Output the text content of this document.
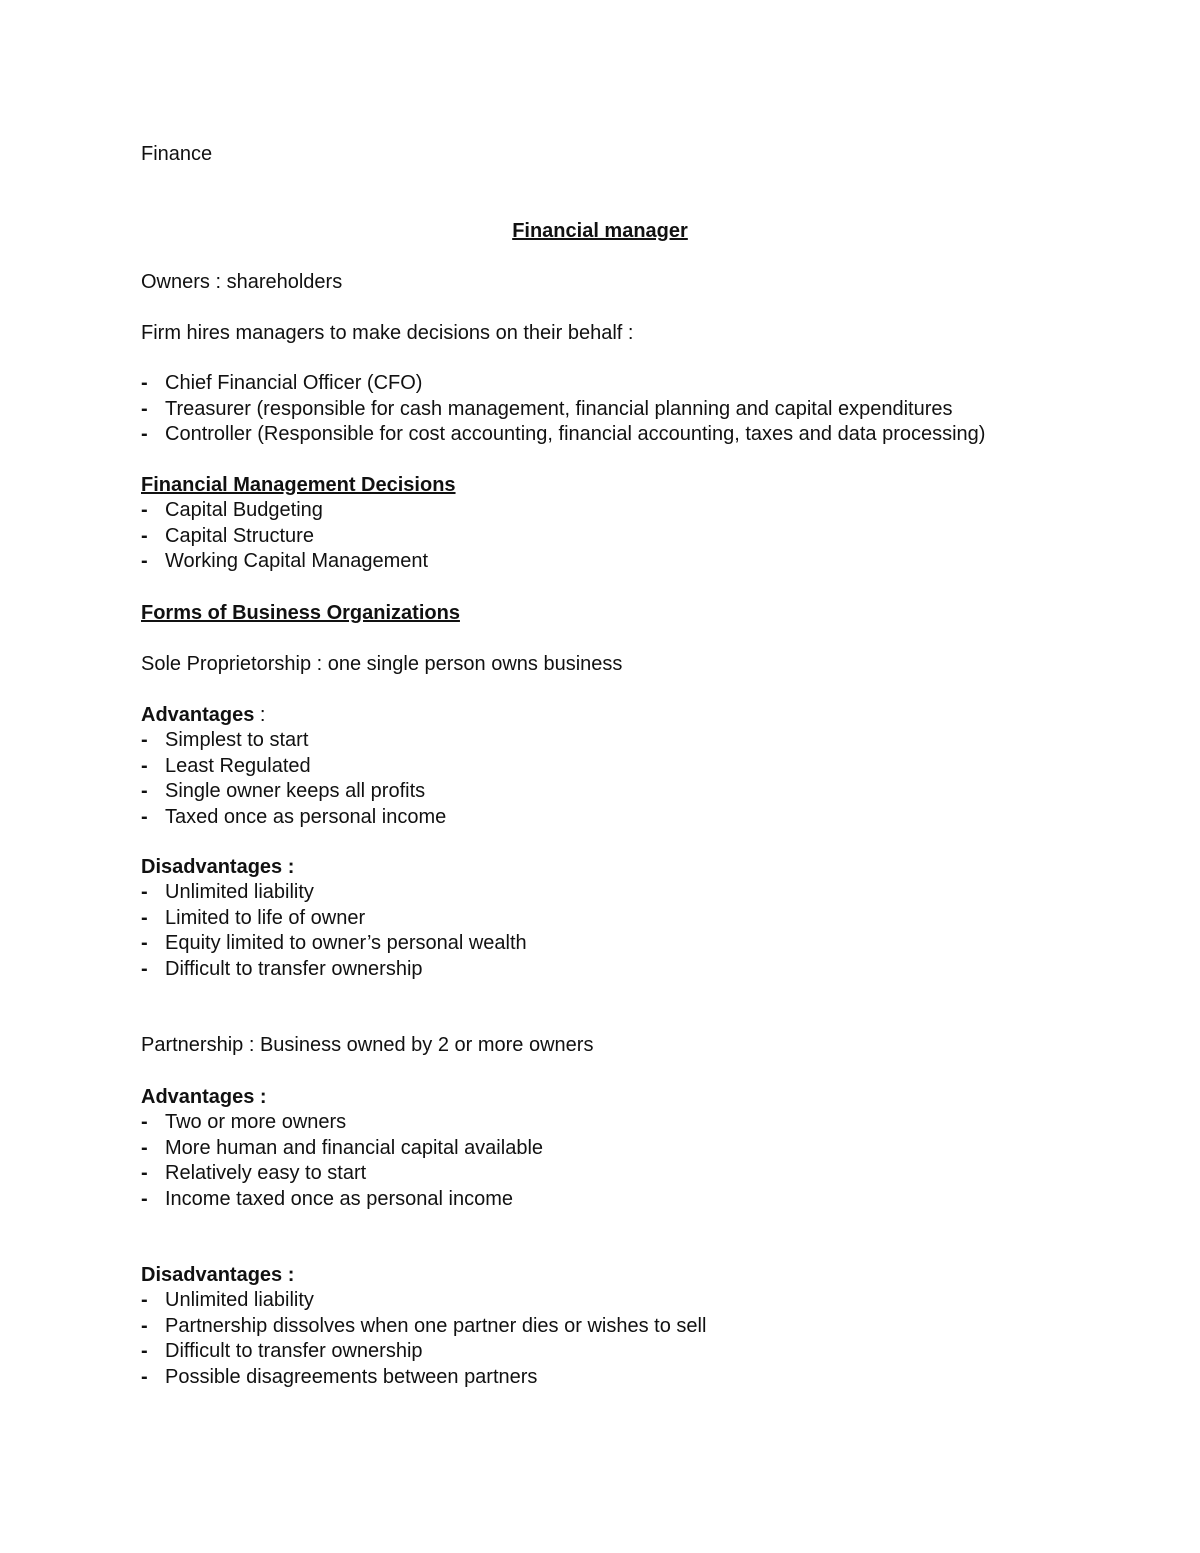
Finance
Financial manager
Owners : shareholders
Firm hires managers to make decisions on their behalf :
- Chief Financial Officer (CFO)
- Treasurer (responsible for cash management, financial planning and capital expenditures
- Controller (Responsible for cost accounting, financial accounting, taxes and data processing)
Financial Management Decisions
- Capital Budgeting
- Capital Structure
- Working Capital Management
Forms of Business Organizations
Sole Proprietorship : one single person owns business
Advantages :
- Simplest to start
- Least Regulated
- Single owner keeps all profits
- Taxed once as personal income
Disadvantages :
- Unlimited liability
- Limited to life of owner
- Equity limited to owner’s personal wealth
- Difficult to transfer ownership
Partnership : Business owned by 2 or more owners
Advantages :
- Two or more owners
- More human and financial capital available
- Relatively easy to start
- Income taxed once as personal income
Disadvantages :
- Unlimited liability
- Partnership dissolves when one partner dies or wishes to sell
- Difficult to transfer ownership
- Possible disagreements between partners
